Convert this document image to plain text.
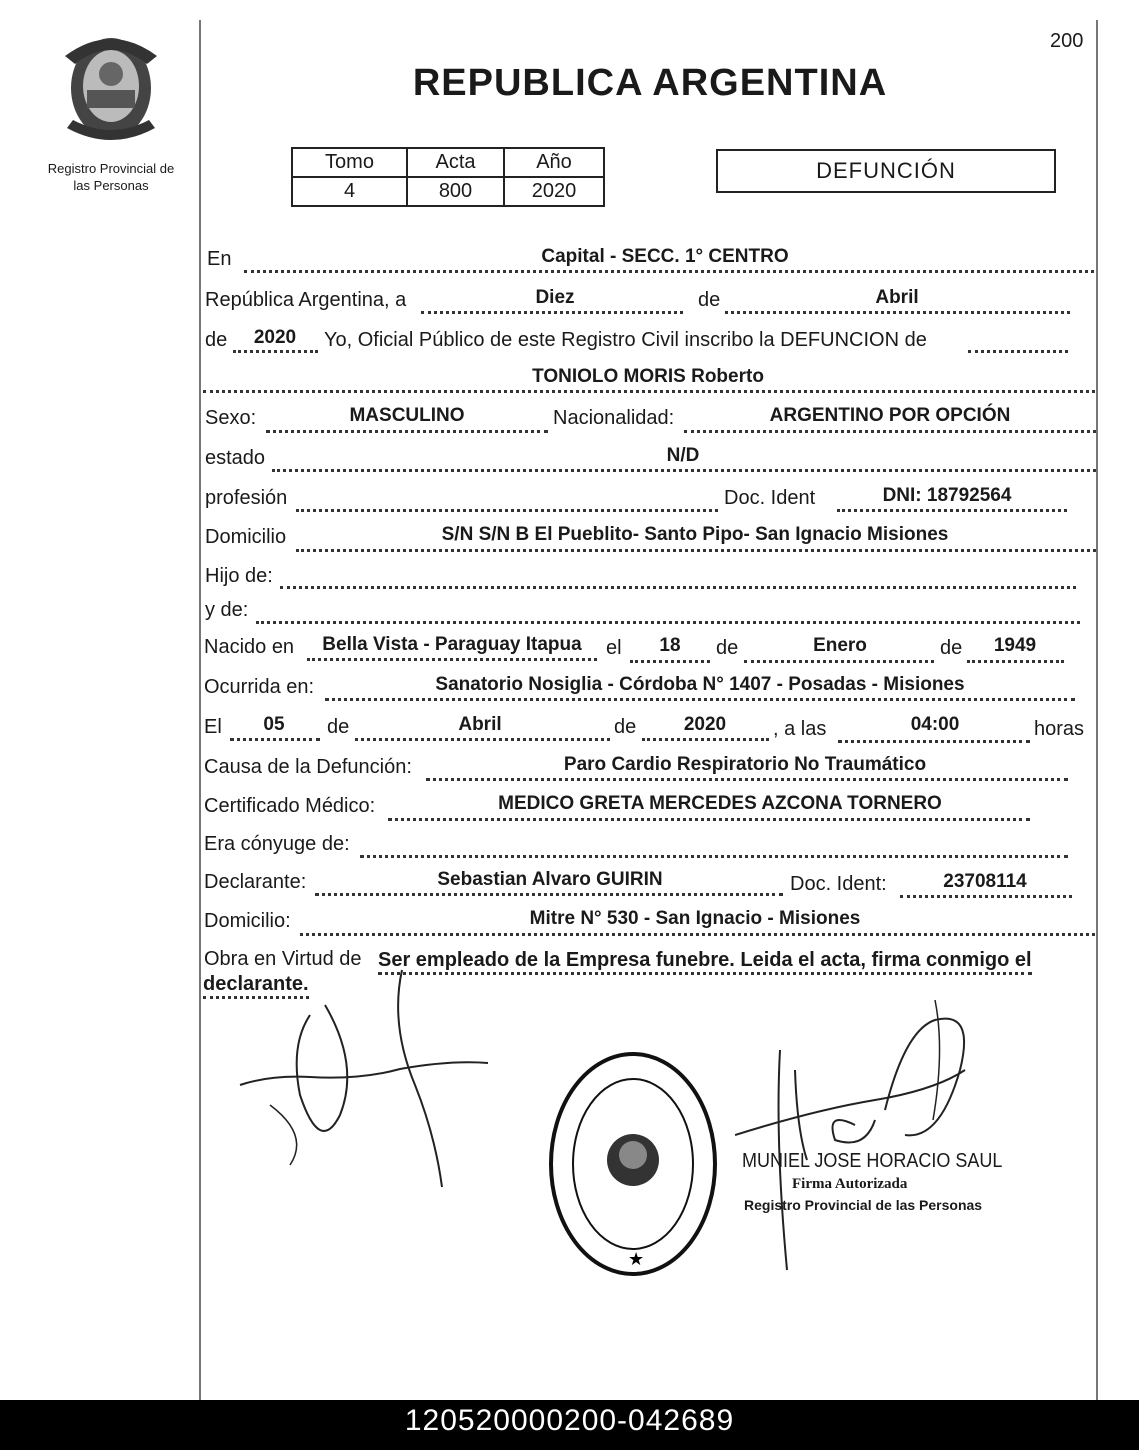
Registro Provincial de
las Personas
200
REPUBLICA ARGENTINA
Tomo	Acta	Año
4	800	2020
DEFUNCIÓN
En	Capital - SECC. 1° CENTRO
República Argentina, a	Diez	de	Abril
de	2020	Yo, Oficial Público de este Registro Civil inscribo la DEFUNCION de
TONIOLO MORIS Roberto
Sexo:	MASCULINO	Nacionalidad:	ARGENTINO POR OPCIÓN
estado	N/D
profesión	Doc. Ident	DNI: 18792564
Domicilio	S/N S/N B El Pueblito- Santo Pipo- San Ignacio Misiones
Hijo de:
y de:
Nacido en	Bella Vista - Paraguay Itapua	el	18	de	Enero	de	1949
Ocurrida en:	Sanatorio Nosiglia - Córdoba N° 1407 - Posadas - Misiones
El	05	de	Abril	de	2020	, a las	04:00	horas
Causa de la Defunción:	Paro Cardio Respiratorio No Traumático
Certificado Médico:	MEDICO GRETA MERCEDES AZCONA TORNERO
Era cónyuge de:
Declarante:	Sebastian Alvaro GUIRIN	Doc. Ident:	23708114
Domicilio:	Mitre N° 530 - San Ignacio - Misiones
Obra en Virtud de Ser empleado de la Empresa funebre. Leida el acta, firma conmigo el
declarante.
★
MUNIEL JOSE HORACIO SAUL
Firma Autorizada
Registro Provincial de las Personas
120520000200-042689
